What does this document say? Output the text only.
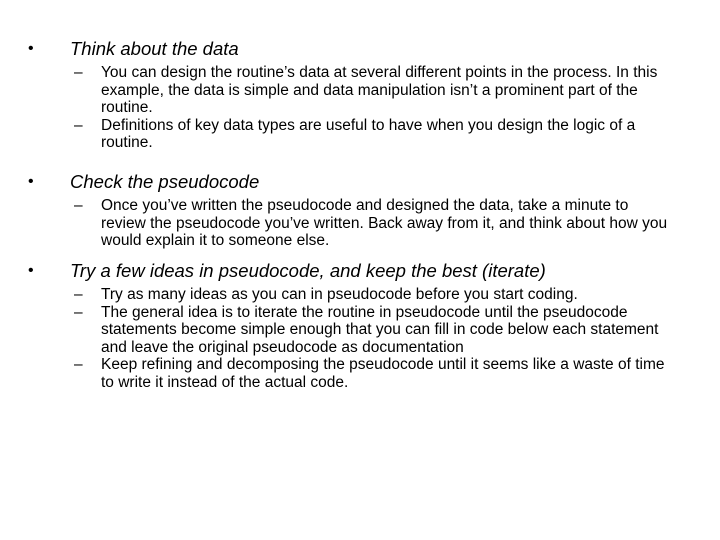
• Think about the data
– You can design the routine’s data at several different points in the process. In this example, the data is simple and data manipulation isn’t a prominent part of the routine.
– Definitions of key data types are useful to have when you design the logic of a routine.
• Check the pseudocode
– Once you’ve written the pseudocode and designed the data, take a minute to review the pseudocode you’ve written. Back away from it, and think about how you would explain it to someone else.
• Try a few ideas in pseudocode, and keep the best (iterate)
– Try as many ideas as you can in pseudocode before you start coding.
– The general idea is to iterate the routine in pseudocode until the pseudocode statements become simple enough that you can fill in code below each statement and leave the original pseudocode as documentation
– Keep refining and decomposing the pseudocode until it seems like a waste of time to write it instead of the actual code.
